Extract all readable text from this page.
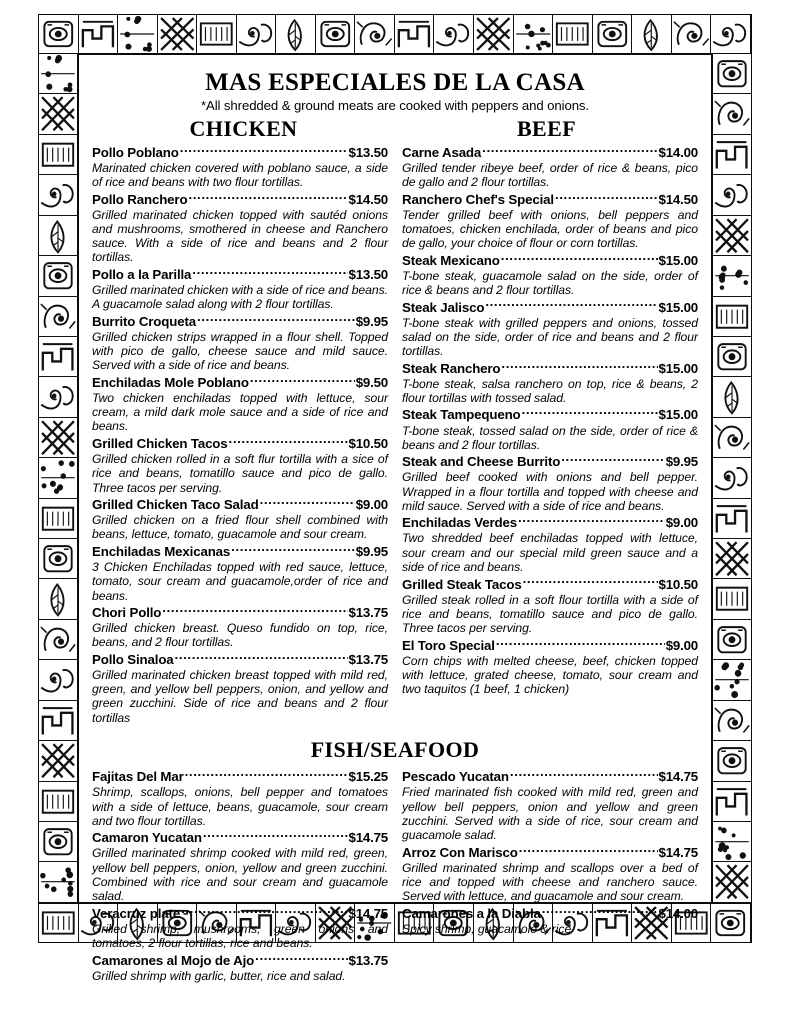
MAS ESPECIALES DE LA CASA
*All shredded & ground meats are cooked with peppers and onions.
CHICKEN	BEEF
Pollo Poblano .....	$13.50
Marinated chicken covered with poblano sauce, a side of rice and beans with two flour tortillas.
Pollo Ranchero .....	$14.50
Grilled marinated chicken topped with sautéd onions and mushrooms, smothered in cheese and Ranchero sauce. With a side of rice and beans and 2 flour tortillas.
Pollo a la Parilla .....	$13.50
Grilled marinated chicken with a side of rice and beans. A guacamole salad along with 2 flour tortillas.
Burrito Croqueta .....	$9.95
Grilled chicken strips wrapped in a flour shell. Topped with pico de gallo, cheese sauce and mild sauce. Served with a side of rice and beans.
Enchiladas Mole Poblano .....	$9.50
Two chicken enchiladas topped with lettuce, sour cream, a mild dark mole sauce and a side of rice and beans.
Grilled Chicken Tacos .....	$10.50
Grilled chicken rolled in a soft flur tortilla with a sice of rice and beans, tomatillo sauce and pico de gallo. Three tacos per serving.
Grilled Chicken Taco Salad .....	$9.00
Grilled chicken on a fried flour shell combined with beans, lettuce, tomato, guacamole and sour cream.
Enchiladas Mexicanas .....	$9.95
3 Chicken Enchiladas topped with red sauce, lettuce, tomato, sour cream and guacamole,order of rice and beans.
Chori Pollo .....	$13.75
Grilled chicken breast. Queso fundido on top, rice, beans, and 2 flour tortillas.
Pollo Sinaloa .....	$13.75
Grilled marinated chicken breast topped with mild red, green, and yellow bell peppers, onion, and yellow and green zucchini. Side of rice and beans and 2 flour tortillas
Carne Asada .....	$14.00
Grilled tender ribeye beef, order of rice & beans, pico de gallo and 2 flour tortillas.
Ranchero Chef's Special .....	$14.50
Tender grilled beef with onions, bell peppers and tomatoes, chicken enchilada, order of beans and pico de gallo, your choice of flour or corn tortillas.
Steak Mexicano .....	$15.00
T-bone steak, guacamole salad on the side, order of rice & beans and 2 flour tortillas.
Steak Jalisco .....	$15.00
T-bone steak with grilled peppers and onions, tossed salad on the side, order of rice and beans and 2 flour tortillas.
Steak Ranchero .....	$15.00
T-bone steak, salsa ranchero on top, rice & beans, 2 flour tortillas with tossed salad.
Steak Tampequeno .....	$15.00
T-bone steak, tossed salad on the side, order of rice & beans and 2 flour tortillas.
Steak and Cheese Burrito .....	$9.95
Grilled beef cooked with onions and bell pepper. Wrapped in a flour tortilla and topped with cheese and mild sauce. Served with a side of rice and beans.
Enchiladas Verdes .....	$9.00
Two shredded beef enchiladas topped with lettuce, sour cream and our special mild green sauce and a side of rice and beans.
Grilled Steak Tacos .....	$10.50
Grilled steak rolled in a soft flour tortilla with a side of rice and beans, tomatillo sauce and pico de gallo. Three tacos per serving.
El Toro Special .....	$9.00
Corn chips with melted cheese, beef, chicken topped with lettuce, grated cheese, tomato, sour cream and two taquitos (1 beef, 1 chicken)
FISH/SEAFOOD
Fajitas Del Mar .....	$15.25
Shrimp, scallops, onions, bell pepper and tomatoes with a side of lettuce, beans, guacamole, sour cream and two flour tortillas.
Camaron Yucatan .....	$14.75
Grilled marinated shrimp cooked with mild red, green, yellow bell peppers, onion, yellow and green zucchini. Combined with rice and sour cream and guacamole salad.
Veracruz plate .....	$14.75
Grilled shrimp, mushrooms, green onions and tomatoes, 2 flour tortillas, rice and beans.
Camarones al Mojo de Ajo .....	$13.75
Grilled shrimp with garlic, butter, rice and salad.
Pescado Yucatan .....	$14.75
Fried marinated fish cooked with mild red, green and yellow bell peppers, onion and yellow and green zucchini. Served with a side of rice, sour cream and guacamole salad.
Arroz Con Marisco .....	$14.75
Grilled marinated shrimp and scallops over a bed of rice and topped with cheese and ranchero sauce. Served with lettuce, and guacamole and sour cream.
Camarones a la Diabla .....	$14.00
Spicy shrimp, guacamole & rice
